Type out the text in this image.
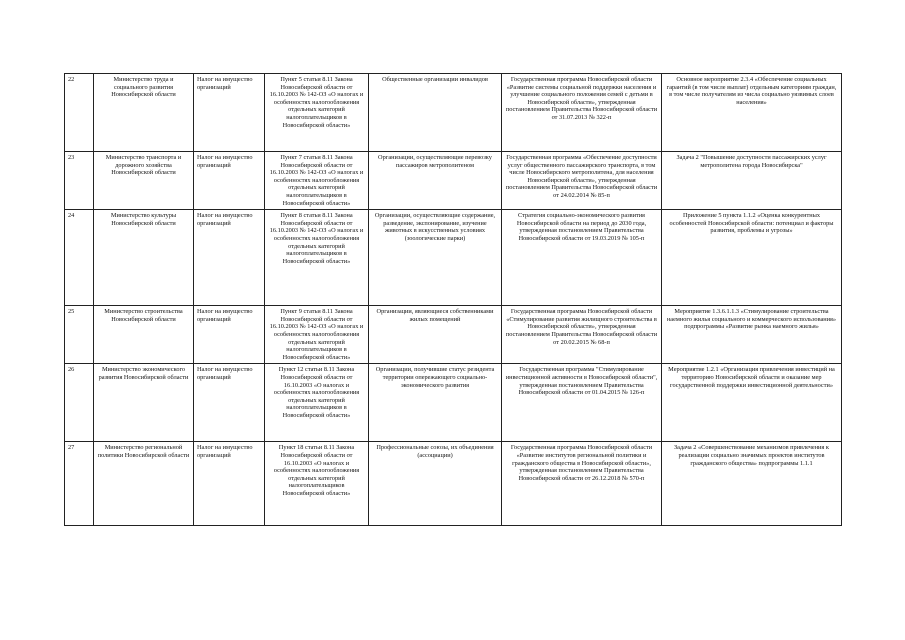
22	Министерство труда и социального развития Новосибирской области	Налог на имущество организаций	Пункт 5 статьи 8.11 Закона Новосибирской области от 16.10.2003 № 142-ОЗ «О налогах и особенностях налогообложения отдельных категорий налогоплательщиков в Новосибирской области»	Общественные организации инвалидов	Государственная программа Новосибирской области «Развитие системы социальной поддержки населения и улучшение социального положения семей с детьми в Новосибирской области», утвержденная постановлением Правительства Новосибирской области от 31.07.2013 № 322-п	Основное мероприятие 2.3.4 «Обеспечение социальных гарантий (в том числе выплат) отдельным категориям граждан, в том числе получателям из числа социально уязвимых слоев населения»
23	Министерство транспорта и дорожного хозяйства Новосибирской области	Налог на имущество организаций	Пункт 7 статьи 8.11 Закона Новосибирской области от 16.10.2003 № 142-ОЗ «О налогах и особенностях налогообложения отдельных категорий налогоплательщиков в Новосибирской области»	Организации, осуществляющие перевозку пассажиров метрополитеном	Государственная программа «Обеспечение доступности услуг общественного пассажирского транспорта, в том числе Новосибирского метрополитена, для населения Новосибирской области», утвержденная постановлением Правительства Новосибирской области от 24.02.2014 № 85-п	Задача 2 "Повышение доступности пассажирских услуг метрополитена города Новосибирска"
24	Министерство культуры Новосибирской области	Налог на имущество организаций	Пункт 8 статьи 8.11 Закона Новосибирской области от 16.10.2003 № 142-ОЗ «О налогах и особенностях налогообложения отдельных категорий налогоплательщиков в Новосибирской области»	Организации, осуществляющие содержание, разведение, экспонирование, изучение животных в искусственных условиях (зоологические парки)	Стратегия социально-экономического развития Новосибирской области на период до 2030 года, утвержденная постановлением Правительства Новосибирской области от 19.03.2019 № 105-п	Приложение 5 пункта 1.1.2 «Оценка конкурентных особенностей Новосибирской области: потенциал и факторы развития, проблемы и угрозы»
25	Министерство строительства Новосибирской области	Налог на имущество организаций	Пункт 9 статьи 8.11 Закона Новосибирской области от 16.10.2003 № 142-ОЗ «О налогах и особенностях налогообложения отдельных категорий налогоплательщиков в Новосибирской области»	Организации, являющиеся собственниками жилых помещений	Государственная программа Новосибирской области «Стимулирование развития жилищного строительства в Новосибирской области», утвержденная постановлением Правительства Новосибирской области от 20.02.2015 № 68-п	Мероприятие 1.3.6.1.1.3 «Стимулирование строительства наемного жилья социального и коммерческого использования» подпрограммы «Развитие рынка наемного жилья»
26	Министерство экономического развития Новосибирской области	Налог на имущество организаций	Пункт 12 статьи 8.11 Закона Новосибирской области от 16.10.2003 «О налогах и особенностях налогообложения отдельных категорий налогоплательщиков в Новосибирской области»	Организации, получившие статус резидента территории опережающего социально-экономического развития	Государственная программа "Стимулирование инвестиционной активности в Новосибирской области", утвержденная постановлением Правительства Новосибирской области от 01.04.2015 № 126-п	Мероприятие 1.2.1 «Организация привлечения инвестиций на территорию Новосибирской области и оказание мер государственной поддержки инвестиционной деятельности»
27	Министерство региональной политики Новосибирской области	Налог на имущество организаций	Пункт 18 статьи 8.11 Закона Новосибирской области от 16.10.2003 «О налогах и особенностях налогообложения отдельных категорий налогоплательщиков Новосибирской области»	Профессиональные союзы, их объединения (ассоциации)	Государственная программа Новосибирской области «Развитие институтов региональной политики и гражданского общества в Новосибирской области», утвержденная постановлением Правительства Новосибирской области от 26.12.2018 № 570-п	Задача 2 «Совершенствование механизмов привлечения к реализации социально значимых проектов институтов гражданского общества» подпрограммы 1.1.1
